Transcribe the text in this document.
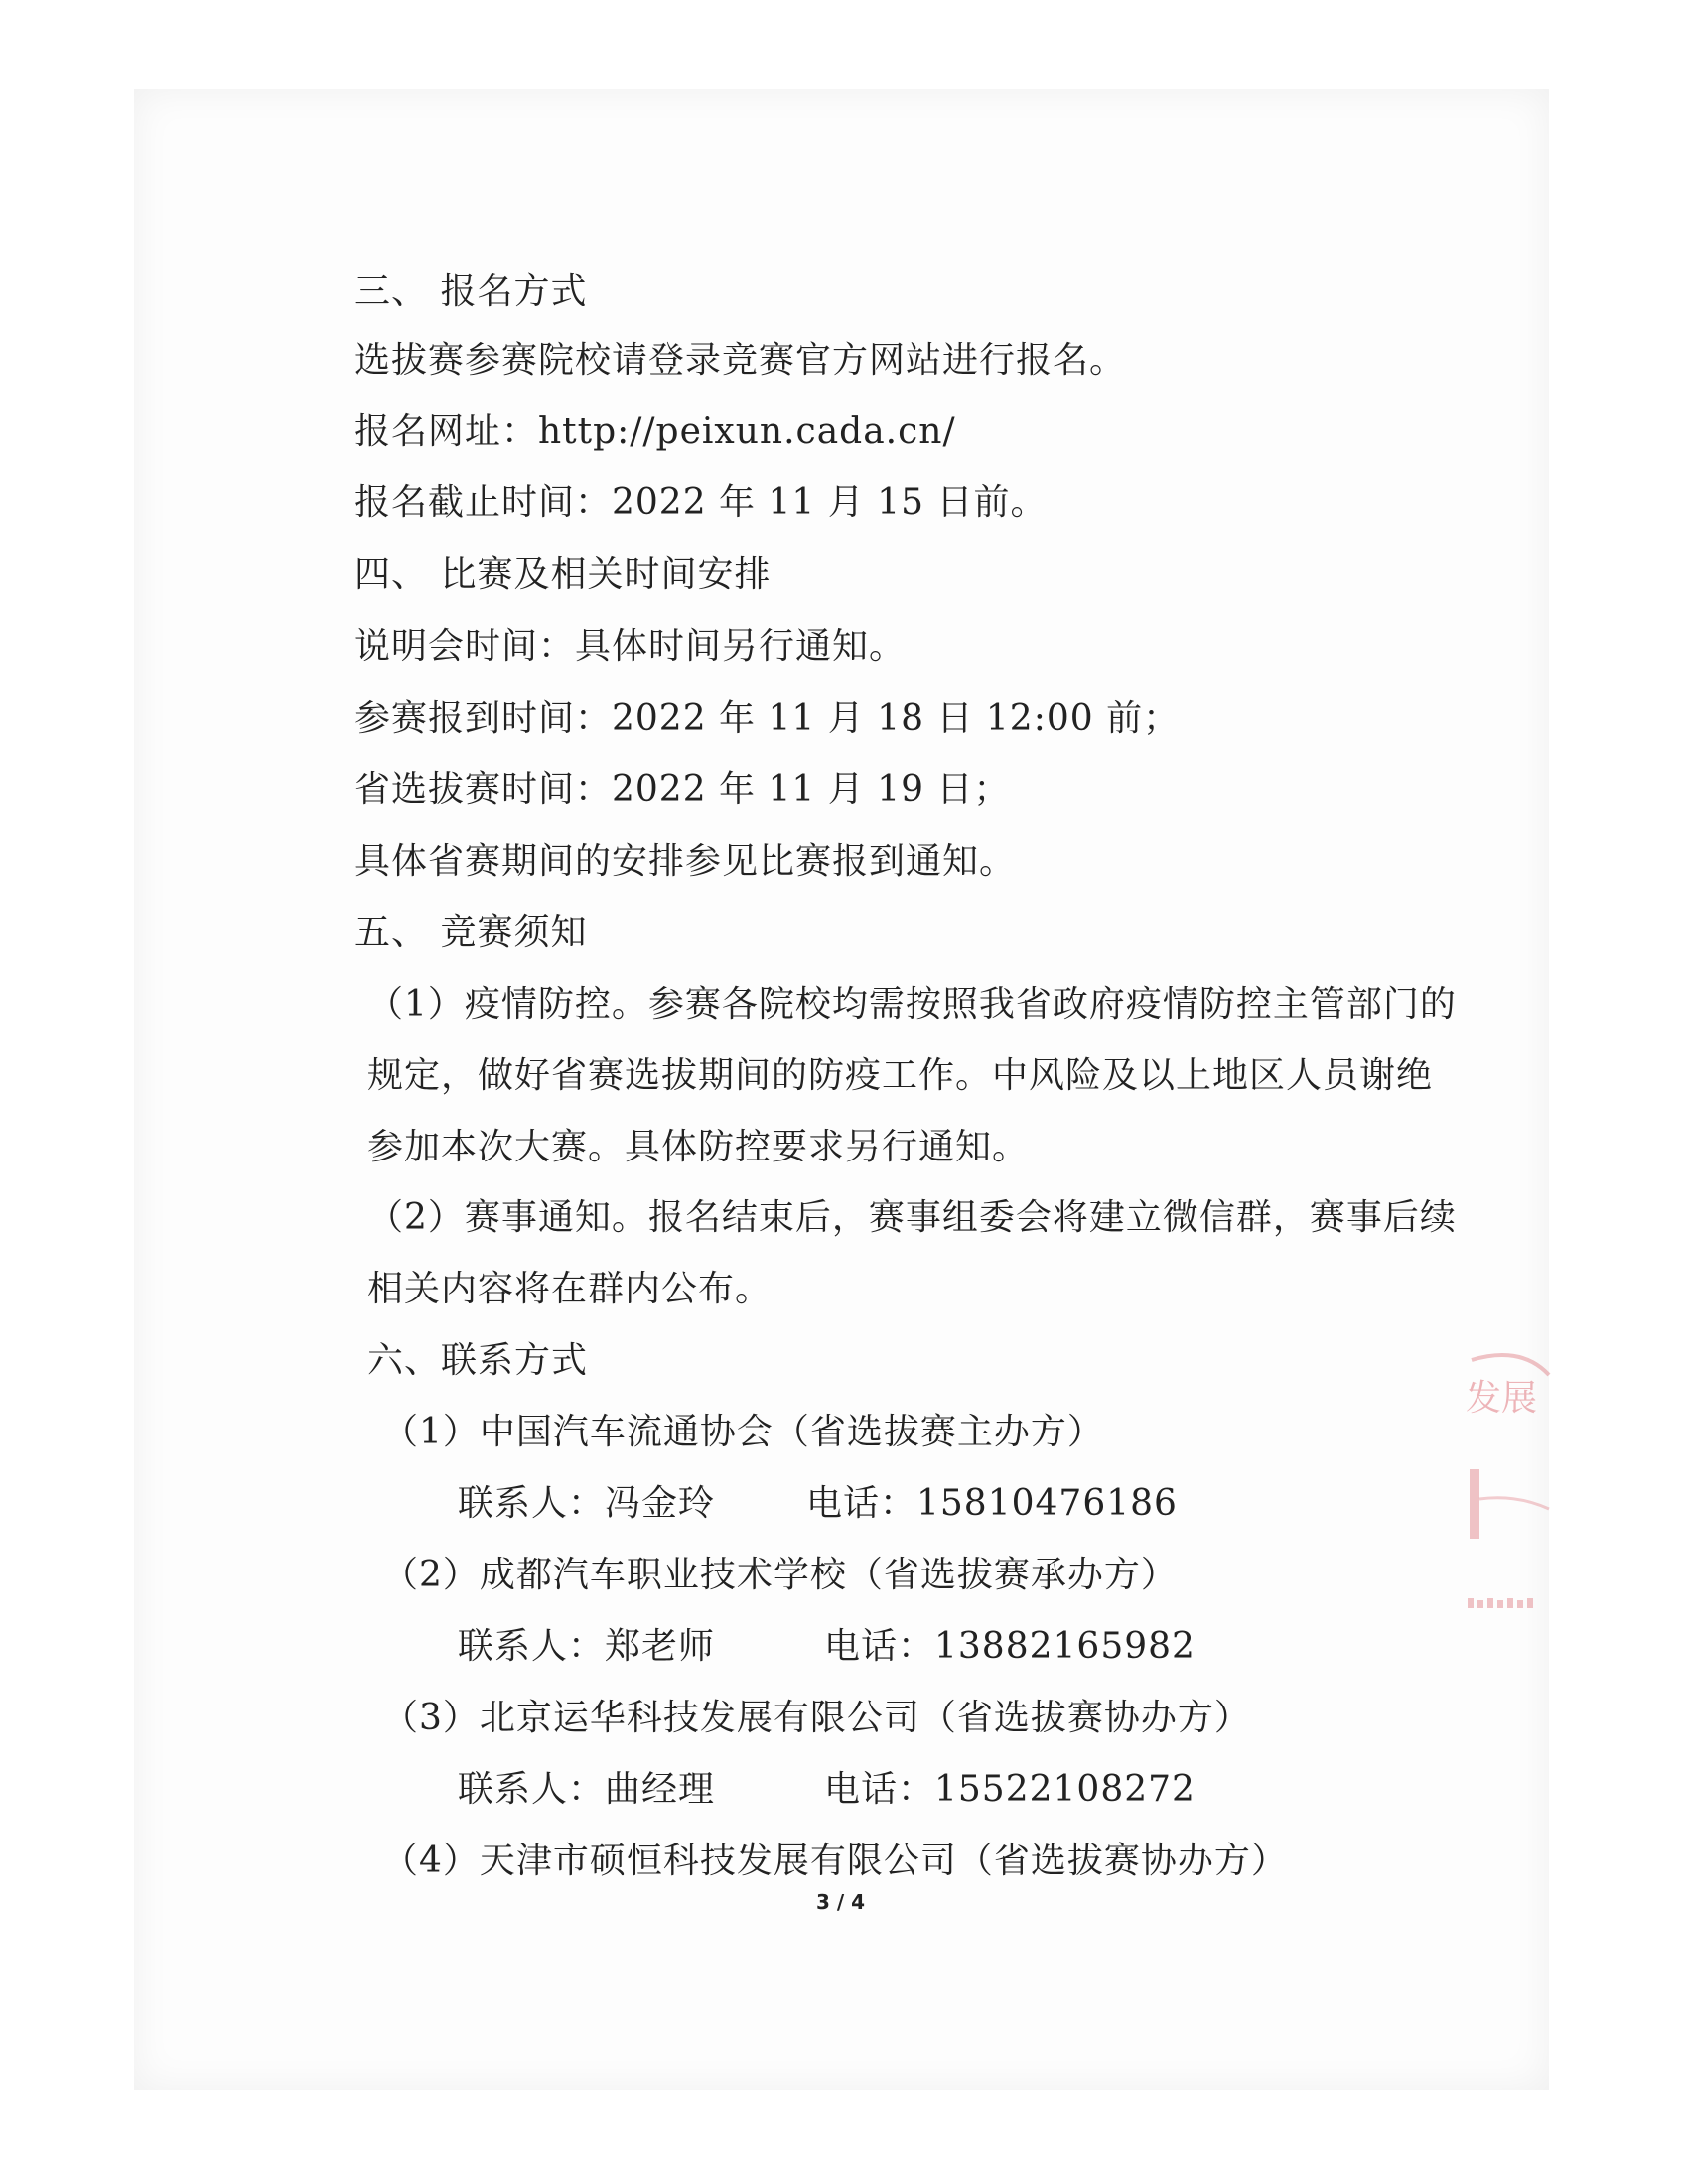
三、 报名方式
选拔赛参赛院校请登录竞赛官方网站进行报名。
报名网址：http://peixun.cada.cn/
报名截止时间：2022 年 11 月 15 日前。
四、 比赛及相关时间安排
说明会时间：具体时间另行通知。
参赛报到时间：2022 年 11 月 18 日 12:00 前；
省选拔赛时间：2022 年 11 月 19 日；
具体省赛期间的安排参见比赛报到通知。
五、 竞赛须知
（1）疫情防控。参赛各院校均需按照我省政府疫情防控主管部门的
规定，做好省赛选拔期间的防疫工作。中风险及以上地区人员谢绝
参加本次大赛。具体防控要求另行通知。
（2）赛事通知。报名结束后，赛事组委会将建立微信群，赛事后续
相关内容将在群内公布。
六、联系方式
（1）中国汽车流通协会（省选拔赛主办方）
联系人：冯金玲	电话：15810476186
（2）成都汽车职业技术学校（省选拔赛承办方）
联系人：郑老师	电话：13882165982
（3）北京运华科技发展有限公司（省选拔赛协办方）
联系人：曲经理	电话：15522108272
（4）天津市硕恒科技发展有限公司（省选拔赛协办方）
3 / 4
发展
